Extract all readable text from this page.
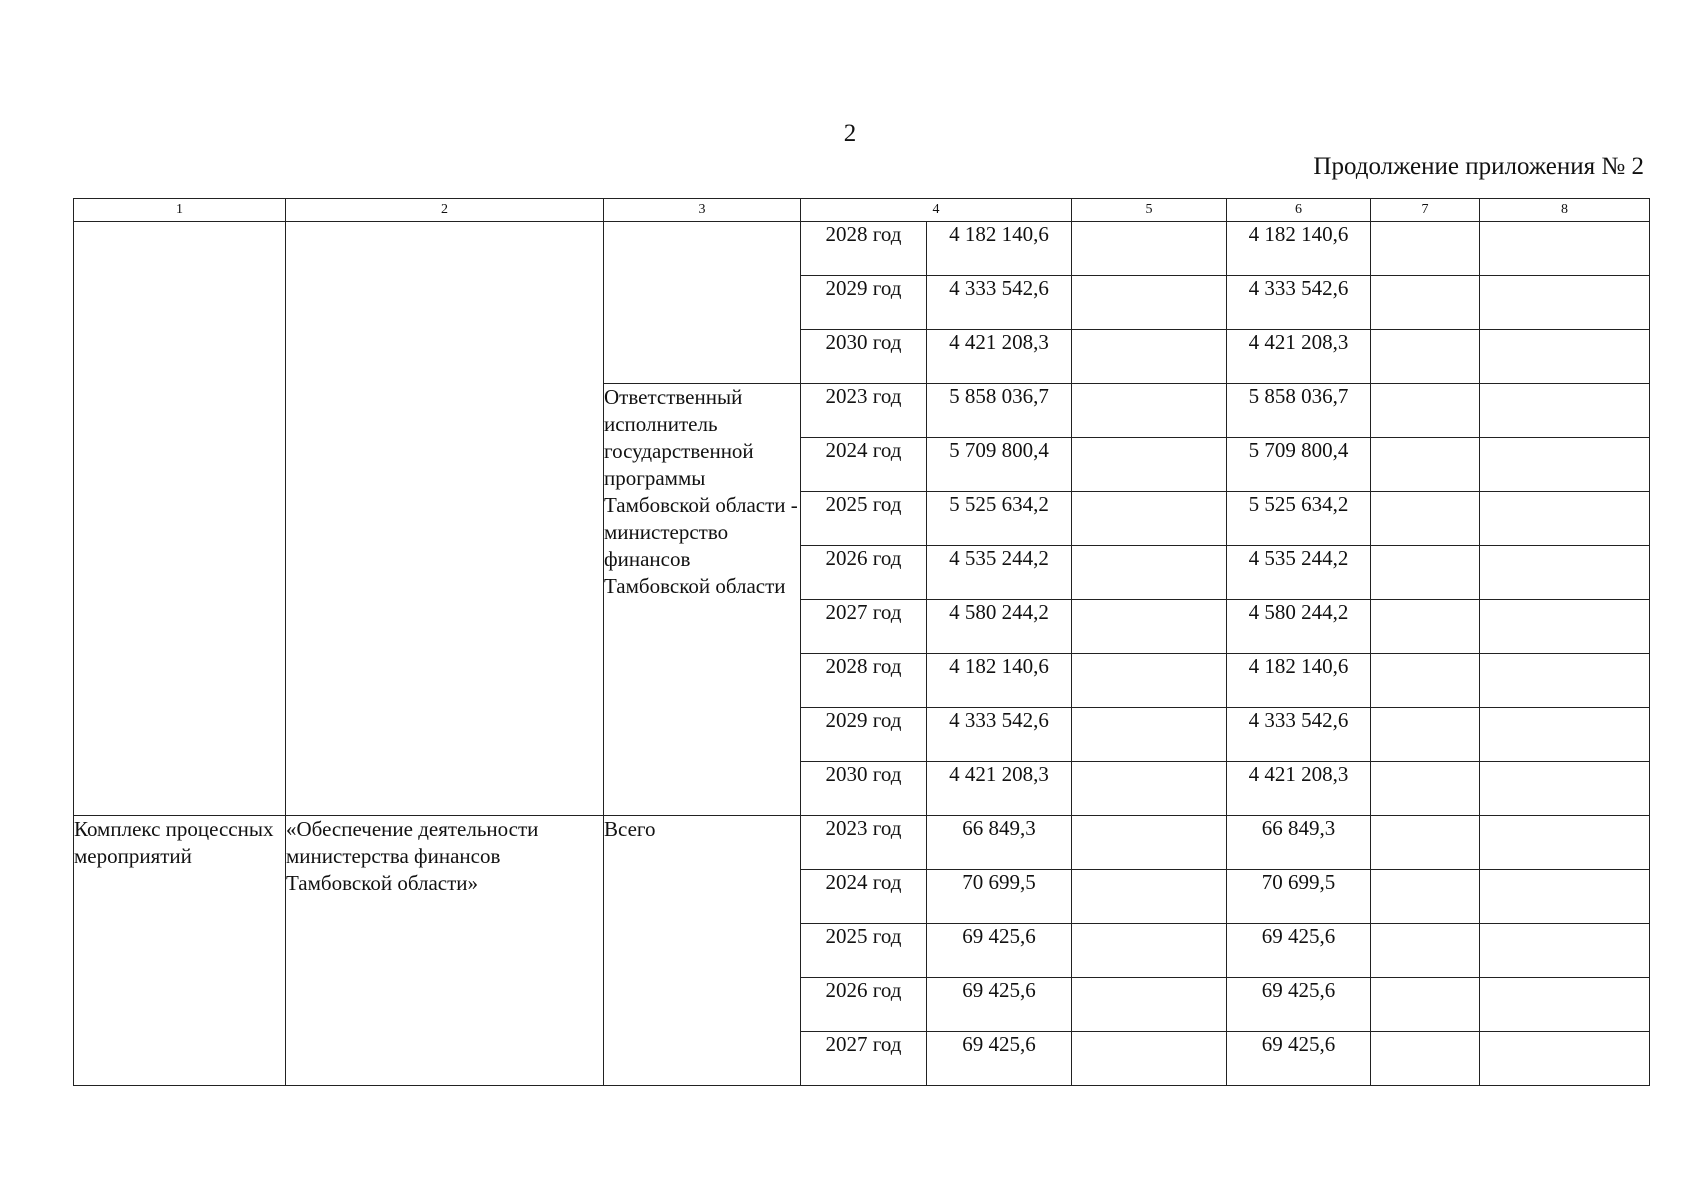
2
Продолжение приложения № 2
1	2	3	4		5	6	7	8
			2028 год	4 182 140,6		4 182 140,6		
			2029 год	4 333 542,6		4 333 542,6		
			2030 год	4 421 208,3		4 421 208,3		
		Ответственный исполнитель государственной программы Тамбовской области - министерство финансов Тамбовской области	2023 год	5 858 036,7		5 858 036,7		
			2024 год	5 709 800,4		5 709 800,4		
			2025 год	5 525 634,2		5 525 634,2		
			2026 год	4 535 244,2		4 535 244,2		
			2027 год	4 580 244,2		4 580 244,2		
			2028 год	4 182 140,6		4 182 140,6		
			2029 год	4 333 542,6		4 333 542,6		
			2030 год	4 421 208,3		4 421 208,3		
Комплекс процессных мероприятий	«Обеспечение деятельности министерства финансов Тамбовской области»	Всего	2023 год	66 849,3		66 849,3		
			2024 год	70 699,5		70 699,5		
			2025 год	69 425,6		69 425,6		
			2026 год	69 425,6		69 425,6		
			2027 год	69 425,6		69 425,6		
